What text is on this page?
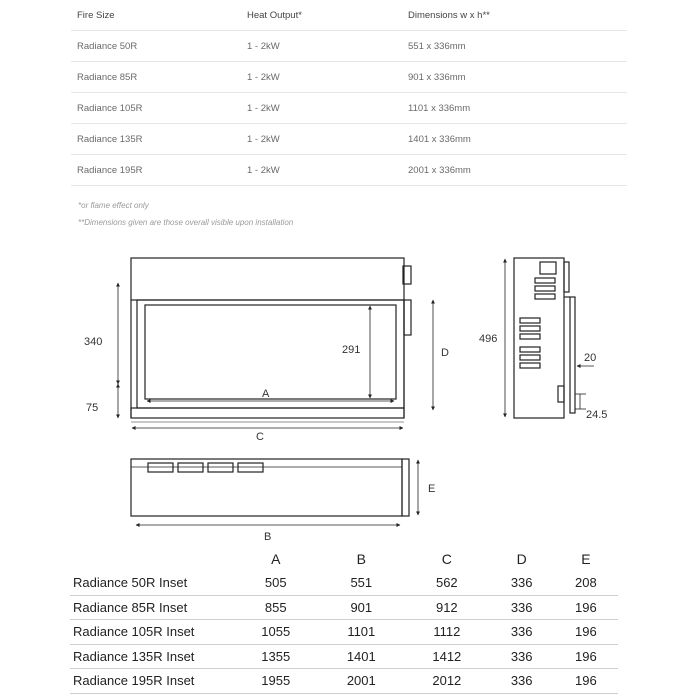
Fire Size	Heat Output*	Dimensions w x h**
Radiance 50R	1 - 2kW	551 x 336mm
Radiance 85R	1 - 2kW	901 x 336mm
Radiance 105R	1 - 2kW	1101 x 336mm
Radiance 135R	1 - 2kW	1401 x 336mm
Radiance 195R	1 - 2kW	2001 x 336mm
*or flame effect only
**Dimensions given are those overall visible upon installation
340
75
291
A
D
C
496
20
24.5
E
B
	A	B	C	D	E
Radiance 50R Inset	505	551	562	336	208
Radiance 85R Inset	855	901	912	336	196
Radiance 105R Inset	1055	1101	1112	336	196
Radiance 135R Inset	1355	1401	1412	336	196
Radiance 195R Inset	1955	2001	2012	336	196
